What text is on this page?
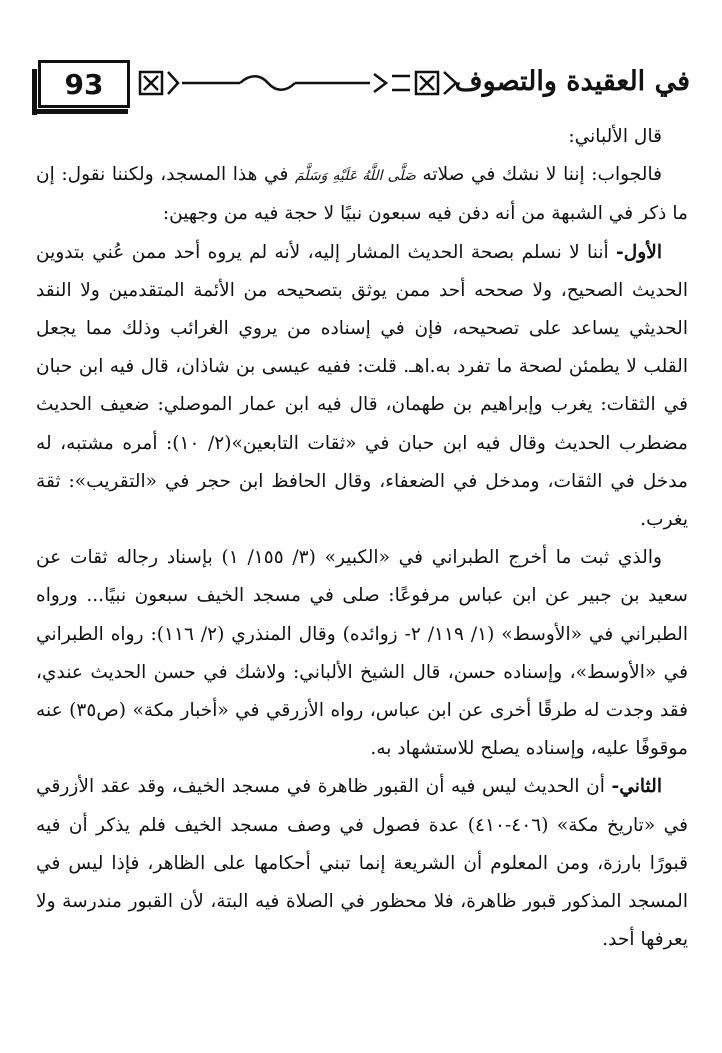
93	في العقيدة والتصوف

قال الألباني:

فالجواب: إننا لا نشك في صلاته صَلَّى اللَّهُ عَلَيْهِ وَسَلَّمَ في هذا المسجد، ولكننا نقول: إن ما ذكر في الشبهة من أنه دفن فيه سبعون نبيًا لا حجة فيه من وجهين:

الأول- أننا لا نسلم بصحة الحديث المشار إليه، لأنه لم يروه أحد ممن عُني بتدوين الحديث الصحيح، ولا صححه أحد ممن يوثق بتصحيحه من الأئمة المتقدمين ولا النقد الحديثي يساعد على تصحيحه، فإن في إسناده من يروي الغرائب وذلك مما يجعل القلب لا يطمئن لصحة ما تفرد به.اهـ. قلت: ففيه عيسى بن شاذان، قال فيه ابن حبان في الثقات: يغرب وإبراهيم بن طهمان، قال فيه ابن عمار الموصلي: ضعيف الحديث مضطرب الحديث وقال فيه ابن حبان في «ثقات التابعين»(٢/ ١٠): أمره مشتبه، له مدخل في الثقات، ومدخل في الضعفاء، وقال الحافظ ابن حجر في «التقريب»: ثقة يغرب.

والذي ثبت ما أخرج الطبراني في «الكبير» (٣/ ١٥٥/ ١) بإسناد رجاله ثقات عن سعيد بن جبير عن ابن عباس مرفوعًا: صلى في مسجد الخيف سبعون نبيًا... ورواه الطبراني في «الأوسط» (١/ ١١٩/ ٢- زوائده) وقال المنذري (٢/ ١١٦): رواه الطبراني في «الأوسط»، وإسناده حسن، قال الشيخ الألباني: ولاشك في حسن الحديث عندي، فقد وجدت له طرقًا أخرى عن ابن عباس، رواه الأزرقي في «أخبار مكة» (ص٣٥) عنه موقوفًا عليه، وإسناده يصلح للاستشهاد به.

الثاني- أن الحديث ليس فيه أن القبور ظاهرة في مسجد الخيف، وقد عقد الأزرقي في «تاريخ مكة» (٤٠٦-٤١٠) عدة فصول في وصف مسجد الخيف فلم يذكر أن فيه قبورًا بارزة، ومن المعلوم أن الشريعة إنما تبني أحكامها على الظاهر، فإذا ليس في المسجد المذكور قبور ظاهرة، فلا محظور في الصلاة فيه البتة، لأن القبور مندرسة ولا يعرفها أحد.
